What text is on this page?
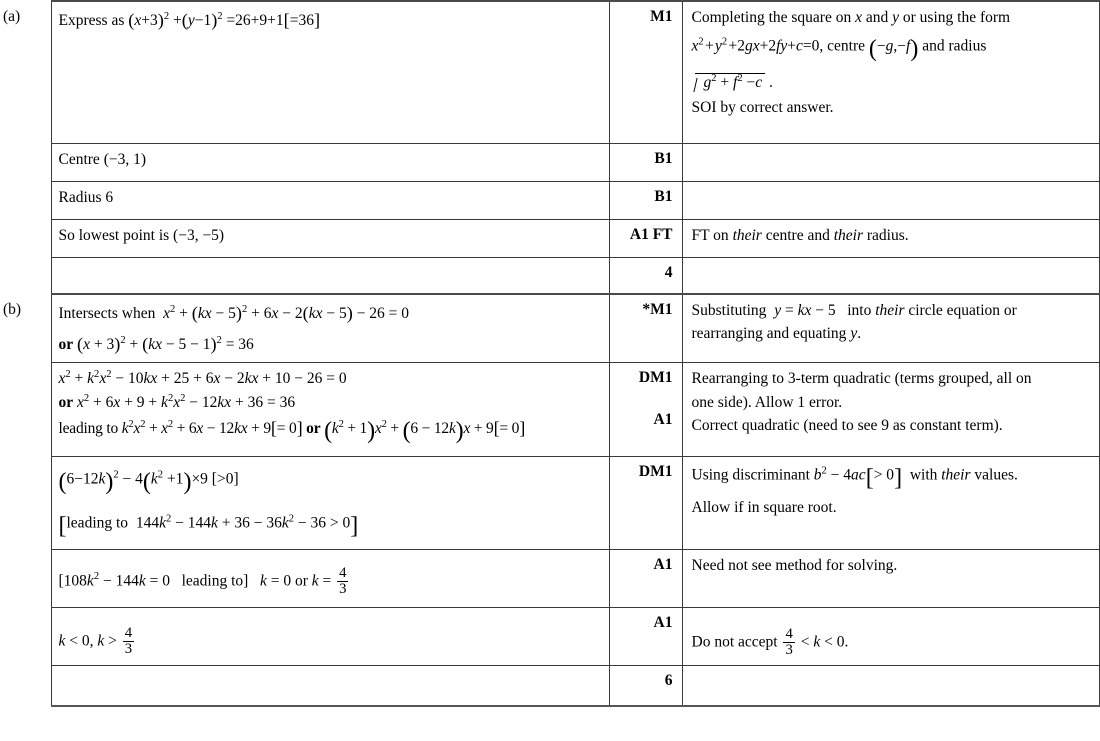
(a)	Express as $(x+3)^2 +(y-1)^2 =26+9+1[=36]$	M1	Completing the square on x and y or using the form
$x^2$ + $y^2$ +2gx+2fy+c=0, centre (−g,−f) and radius
$g^2 + f^2 -c$ .
SOI by correct answer.

	Centre (−3, 1)	B1	

	Radius 6	B1	

	So lowest point is (−3, −5)	A1 FT	FT on their centre and their radius.

		4	
(b)	Intersects when  $x^2 + (kx - 5)^2 + 6x - 2(kx - 5) - 26 = 0$
or $(x + 3)^2 + (kx - 5 - 1)^2 = 36$	*M1	Substituting  y = kx − 5   into their circle equation or
rearranging and equating y.

	$x^2 + k^2x^2 - 10kx + 25 + 6x - 2kx + 10 - 26 = 0$
or $x^2 + 6x + 9 + k^2x^2 - 12kx + 36 = 36$
leading to $k^2x^2 + x^2 + 6x - 12kx + 9[= 0]$ or $(k^2 + 1)x^2 + (6 - 12k)x + 9[= 0]$	DM1
A1	Rearranging to 3-term quadratic (terms grouped, all on
one side). Allow 1 error.
Correct quadratic (need to see 9 as constant term).

	$(6-12k)^2 - 4(k^2 +1)\times 9$ [>0]
[leading to  $144k^2 - 144k + 36 - 36k^2 - 36 > 0$]	DM1	Using discriminant $b^2 - 4ac[> 0]$  with their values.
Allow if in square root.

	[$108k^2 - 144k = 0$   leading to]   k = 0 or $k = \frac{4}{3}$	A1	Need not see method for solving.

	k < 0, $k > \frac{4}{3}$	A1	Do not accept $\frac{4}{3} < k < 0$.

		6	
